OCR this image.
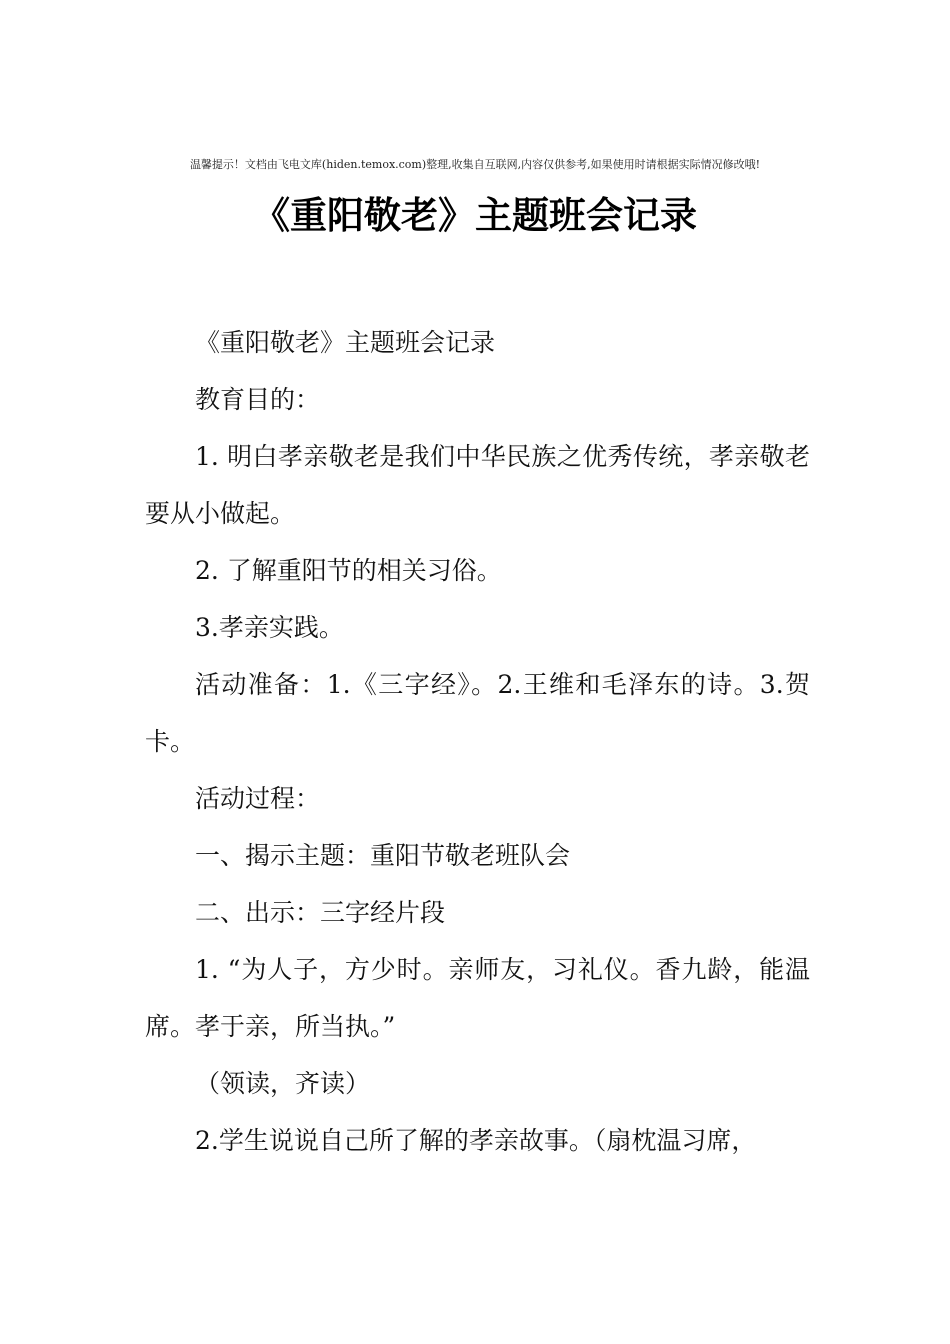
温馨提示！文档由飞电文库(hiden.temox.com)整理,收集自互联网,内容仅供参考,如果使用时请根据实际情况修改哦!
《重阳敬老》主题班会记录

《重阳敬老》主题班会记录

教育目的：

1. 明白孝亲敬老是我们中华民族之优秀传统，孝亲敬老要从小做起。

2. 了解重阳节的相关习俗。

3.孝亲实践。

活动准备：1.《三字经》。2.王维和毛泽东的诗。3.贺卡。

活动过程：

一、揭示主题：重阳节敬老班队会

二、出示：三字经片段

1. “为人子，方少时。亲师友，习礼仪。香九龄，能温席。孝于亲，所当执。”

（领读，齐读）

2.学生说说自己所了解的孝亲故事。（扇枕温习席，
